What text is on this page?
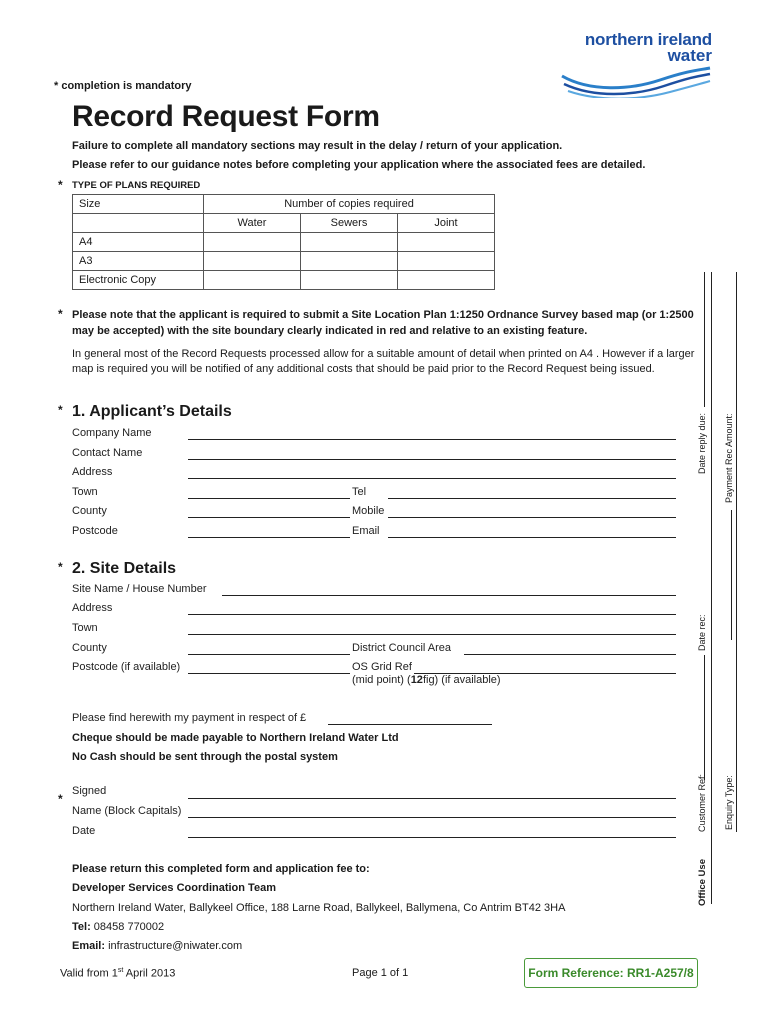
* completion is mandatory
Record Request Form
northern ireland
water
Failure to complete all mandatory sections may result in the delay / return of your application.
Please refer to our guidance notes before completing your application where the associated fees are detailed.
* TYPE OF PLANS REQUIRED
Size	Number of copies required		
	Water	Sewers	Joint
A4			
A3			
Electronic Copy			
* Please note that the applicant is required to submit a Site Location Plan 1:1250 Ordnance Survey based map (or 1:2500 may be accepted) with the site boundary clearly indicated in red and relative to an existing feature.
In general most of the Record Requests processed allow for a suitable amount of detail when printed on A4 . However if a larger map is required you will be notified of any additional costs that should be paid prior to the Record Request being issued.
* 1. Applicant’s Details
Company Name
Contact Name
Address
Town	Tel
County	Mobile
Postcode	Email
* 2. Site Details
Site Name / House Number
Address
Town
County	District Council Area
Postcode (if available)	OS Grid Ref
(mid point) (12fig) (if available)
Please find herewith my payment in respect of £
Cheque should be made payable to Northern Ireland Water Ltd
No Cash should be sent through the postal system
*
Signed
Name (Block Capitals)
Date
Please return this completed form and application fee to:
Developer Services Coordination Team
Northern Ireland Water, Ballykeel Office, 188 Larne Road, Ballykeel, Ballymena, Co Antrim BT42 3HA
Tel: 08458 770002
Email: infrastructure@niwater.com
Valid from 1st April 2013	Page 1 of 1	Form Reference: RR1-A257/8
Date reply due: Payment Rec Amount:
Date rec:
Customer Ref: Enquiry Type:
Office Use
